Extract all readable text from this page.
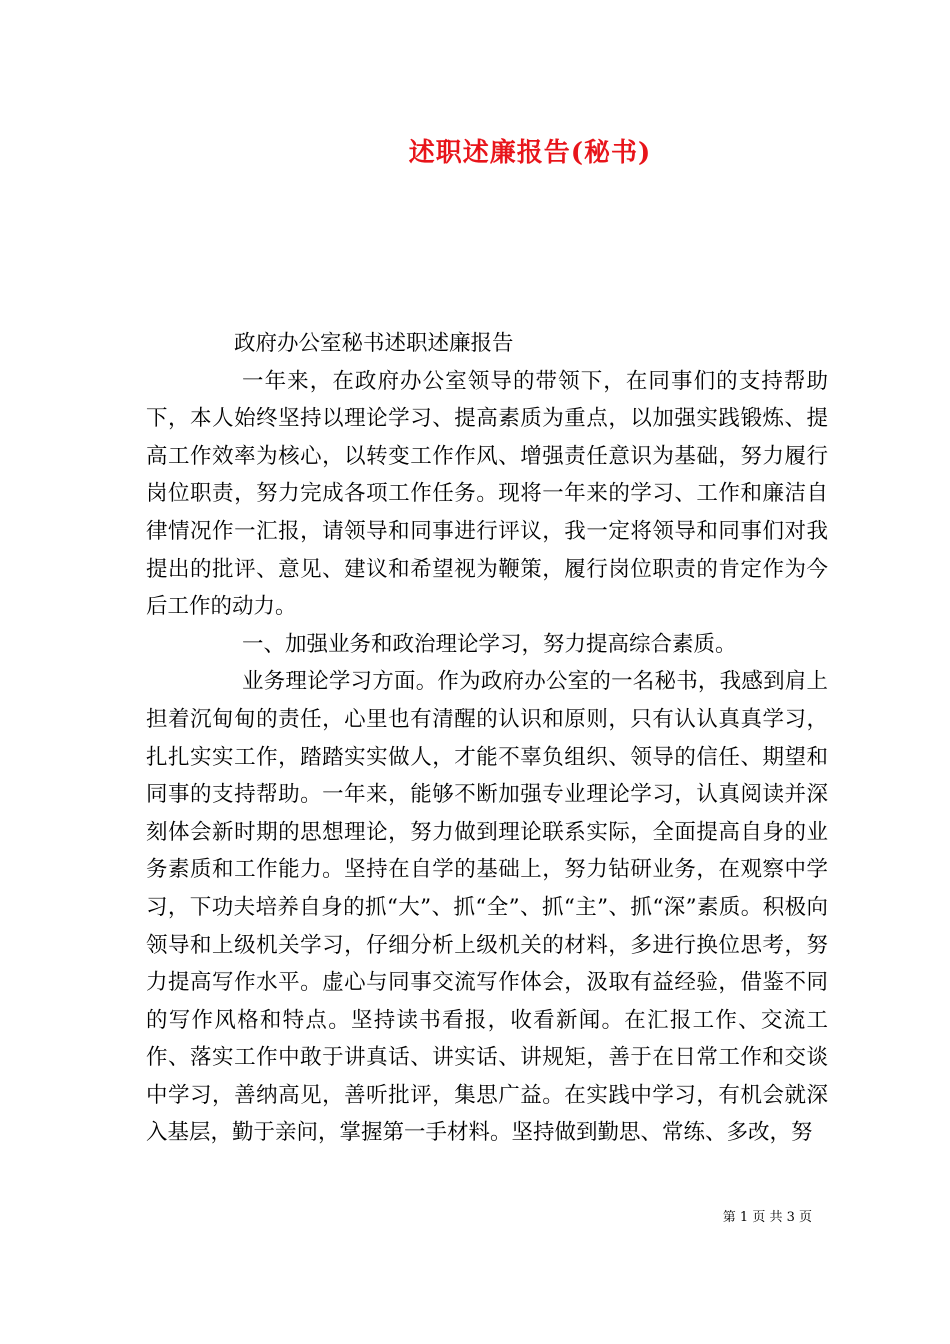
述职述廉报告(秘书)

政府办公室秘书述职述廉报告

一年来，在政府办公室领导的带领下，在同事们的支持帮助下，本人始终坚持以理论学习、提高素质为重点，以加强实践锻炼、提高工作效率为核心，以转变工作作风、增强责任意识为基础，努力履行岗位职责，努力完成各项工作任务。现将一年来的学习、工作和廉洁自律情况作一汇报，请领导和同事进行评议，我一定将领导和同事们对我提出的批评、意见、建议和希望视为鞭策，履行岗位职责的肯定作为今后工作的动力。

一、加强业务和政治理论学习，努力提高综合素质。

业务理论学习方面。作为政府办公室的一名秘书，我感到肩上担着沉甸甸的责任，心里也有清醒的认识和原则，只有认认真真学习，扎扎实实工作，踏踏实实做人，才能不辜负组织、领导的信任、期望和同事的支持帮助。一年来，能够不断加强专业理论学习，认真阅读并深刻体会新时期的思想理论，努力做到理论联系实际，全面提高自身的业务素质和工作能力。坚持在自学的基础上，努力钻研业务，在观察中学习，下功夫培养自身的抓“大”、抓“全”、抓“主”、抓“深”素质。积极向领导和上级机关学习，仔细分析上级机关的材料，多进行换位思考，努力提高写作水平。虚心与同事交流写作体会，汲取有益经验，借鉴不同的写作风格和特点。坚持读书看报，收看新闻。在汇报工作、交流工作、落实工作中敢于讲真话、讲实话、讲规矩，善于在日常工作和交谈中学习，善纳高见，善听批评，集思广益。在实践中学习，有机会就深入基层，勤于亲问，掌握第一手材料。坚持做到勤思、常练、多改，努

第 1 页 共 3 页
